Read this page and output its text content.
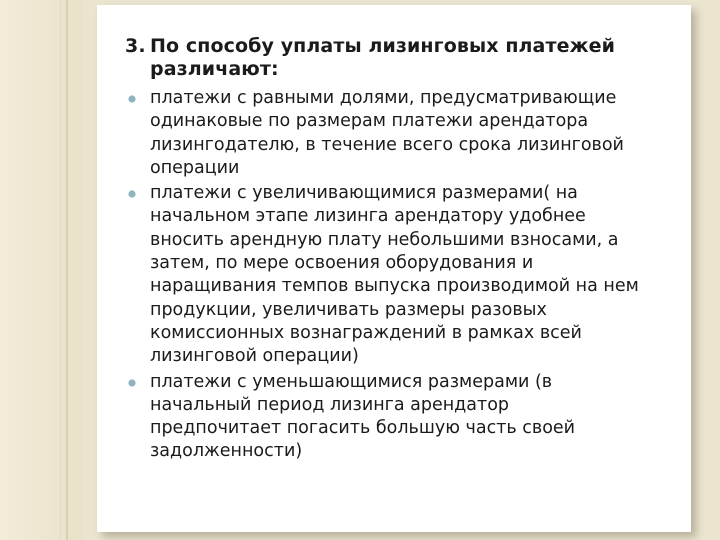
3. По способу уплаты лизинговых платежей
различают:
платежи с равными долями, предусматривающие
одинаковые по размерам платежи арендатора
лизингодателю, в течение всего срока лизинговой
операции
платежи с увеличивающимися размерами( на
начальном этапе лизинга арендатору удобнее
вносить арендную плату небольшими взносами, а
затем, по мере освоения оборудования и
наращивания темпов выпуска производимой на нем
продукции, увеличивать размеры разовых
комиссионных вознаграждений в рамках всей
лизинговой операции)
платежи с уменьшающимися размерами (в
начальный период лизинга арендатор
предпочитает погасить большую часть своей
задолженности)
